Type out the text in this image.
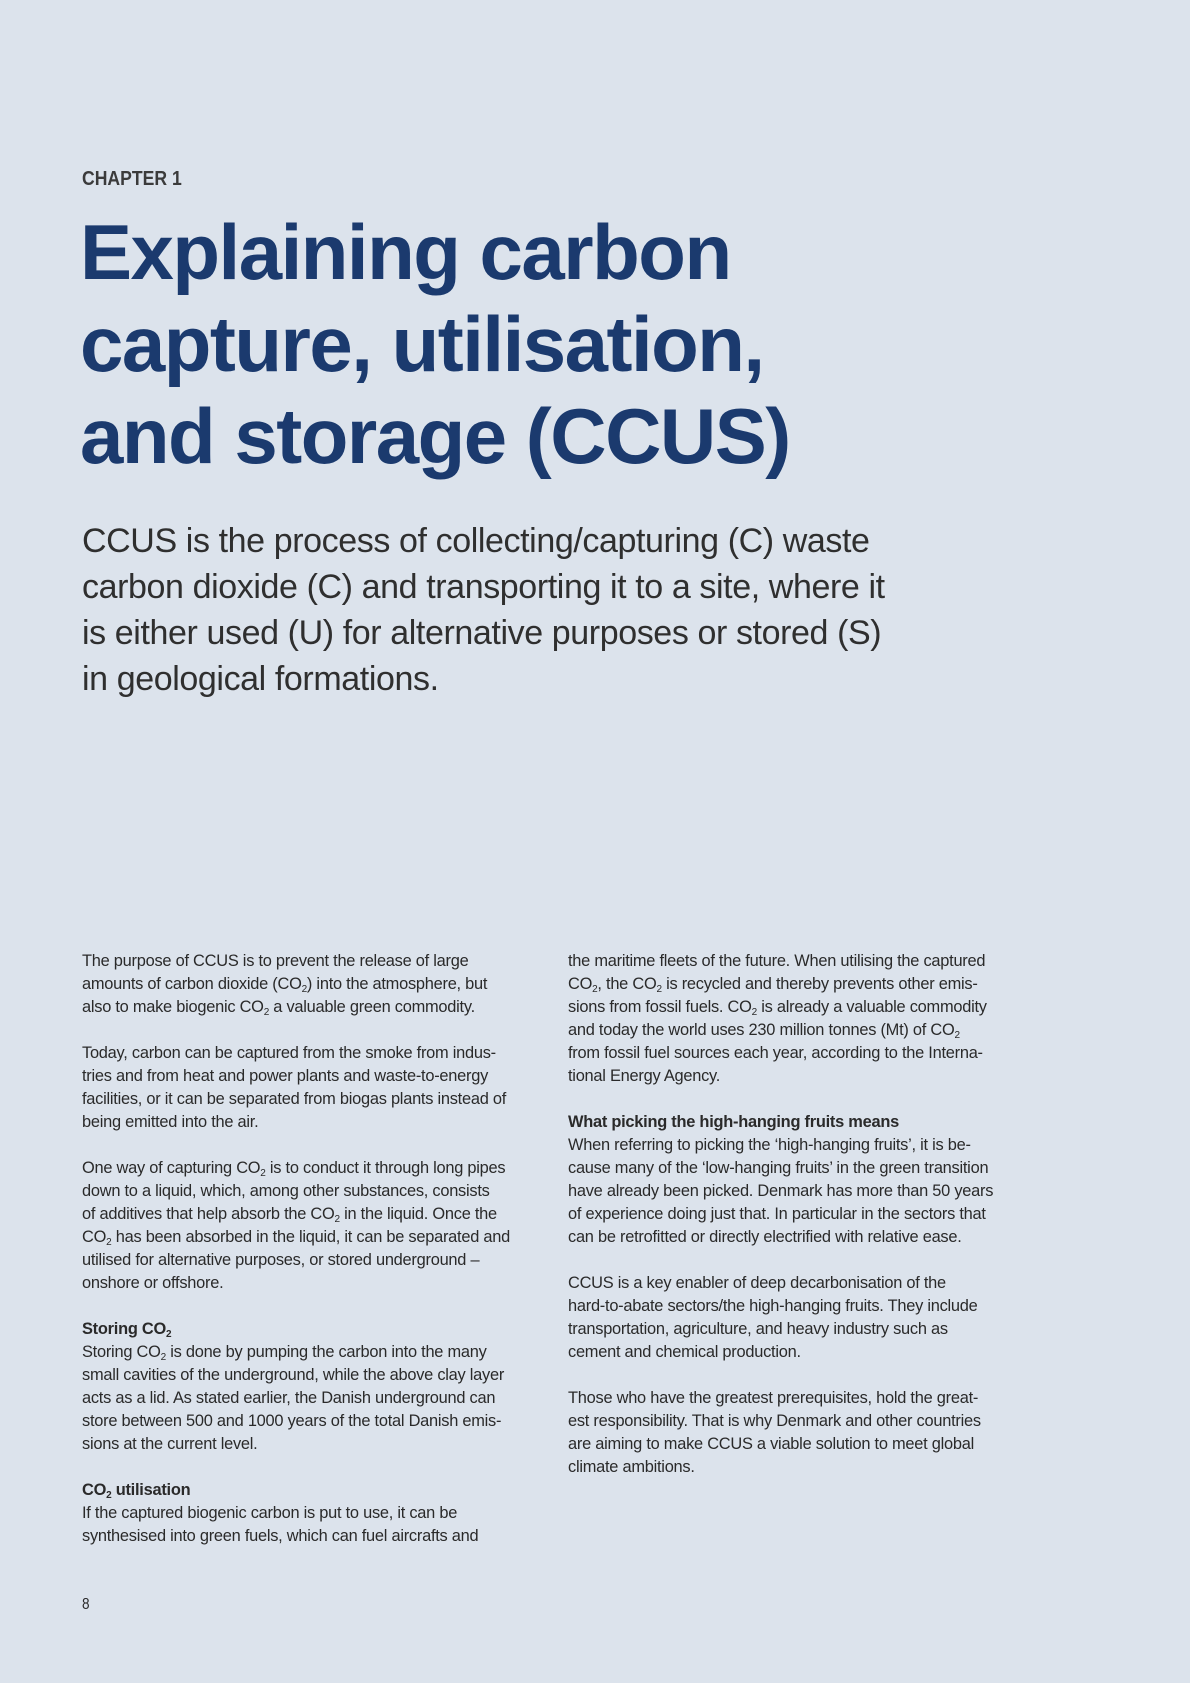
CHAPTER 1
Explaining carbon
capture, utilisation,
and storage (CCUS)

CCUS is the process of collecting/capturing (C) waste
carbon dioxide (C) and transporting it to a site, where it
is either used (U) for alternative purposes or stored (S)
in geological formations.

The purpose of CCUS is to prevent the release of large
amounts of carbon dioxide $(CO_2)$ into the atmosphere, but
also to make biogenic $CO_2$ a valuable green commodity.

Today, carbon can be captured from the smoke from indus-
tries and from heat and power plants and waste-to-energy
facilities, or it can be separated from biogas plants instead of
being emitted into the air.

One way of capturing $CO_2$ is to conduct it through long pipes
down to a liquid, which, among other substances, consists
of additives that help absorb the $CO_2$ in the liquid. Once the
$CO_2$ has been absorbed in the liquid, it can be separated and
utilised for alternative purposes, or stored underground –
onshore or offshore.

Storing $CO_2$

Storing $CO_2$ is done by pumping the carbon into the many
small cavities of the underground, while the above clay layer
acts as a lid. As stated earlier, the Danish underground can
store between 500 and 1000 years of the total Danish emis-
sions at the current level.

$CO_2$ utilisation

If the captured biogenic carbon is put to use, it can be
synthesised into green fuels, which can fuel aircrafts and

the maritime fleets of the future. When utilising the captured
$CO_2$, the $CO_2$ is recycled and thereby prevents other emis-
sions from fossil fuels. $CO_2$ is already a valuable commodity
and today the world uses 230 million tonnes (Mt) of $CO_2$
from fossil fuel sources each year, according to the Interna-
tional Energy Agency.

What picking the high-hanging fruits means

When referring to picking the ‘high-hanging fruits’, it is be-
cause many of the ‘low-hanging fruits’ in the green transition
have already been picked. Denmark has more than 50 years
of experience doing just that. In particular in the sectors that
can be retrofitted or directly electrified with relative ease.

CCUS is a key enabler of deep decarbonisation of the
hard-to-abate sectors/the high-hanging fruits. They include
transportation, agriculture, and heavy industry such as
cement and chemical production.

Those who have the greatest prerequisites, hold the great-
est responsibility. That is why Denmark and other countries
are aiming to make CCUS a viable solution to meet global
climate ambitions.

8
